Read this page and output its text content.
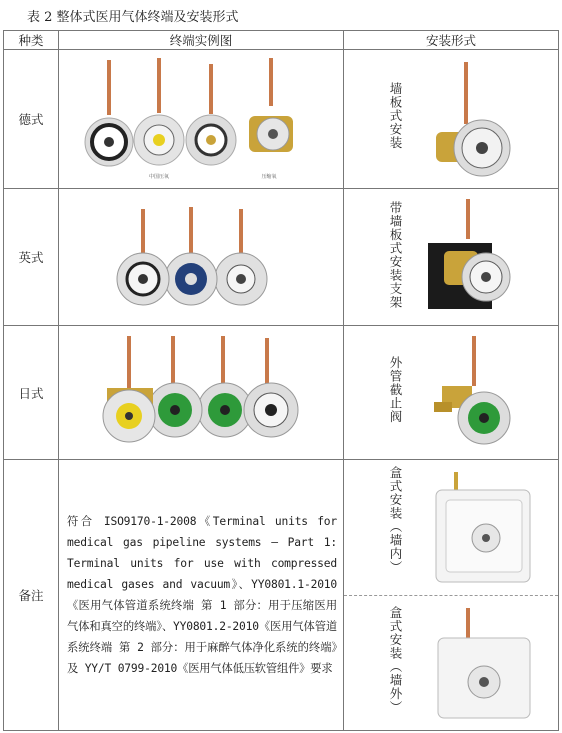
表 2 整体式医用气体终端及安装形式
种类	终端实例图	安装形式
德式	中国压氧 压缩氧	墙板式安装

英式		带墙板式安装支架

日式		外管截止阀

备注	符合 ISO9170-1-2008《Terminal units for medical gas pipeline systems – Part 1: Terminal units for use with compressed medical gases and vacuum》、YY0801.1-2010《医用气体管道系统终端 第 1 部分：用于压缩医用气体和真空的终端》、YY0801.2-2010《医用气体管道系统终端 第 2 部分：用于麻醉气体净化系统的终端》及 YY/T 0799-2010《医用气体低压软管组件》要求	盒式安装（墙内）
盒式安装（墙外）
